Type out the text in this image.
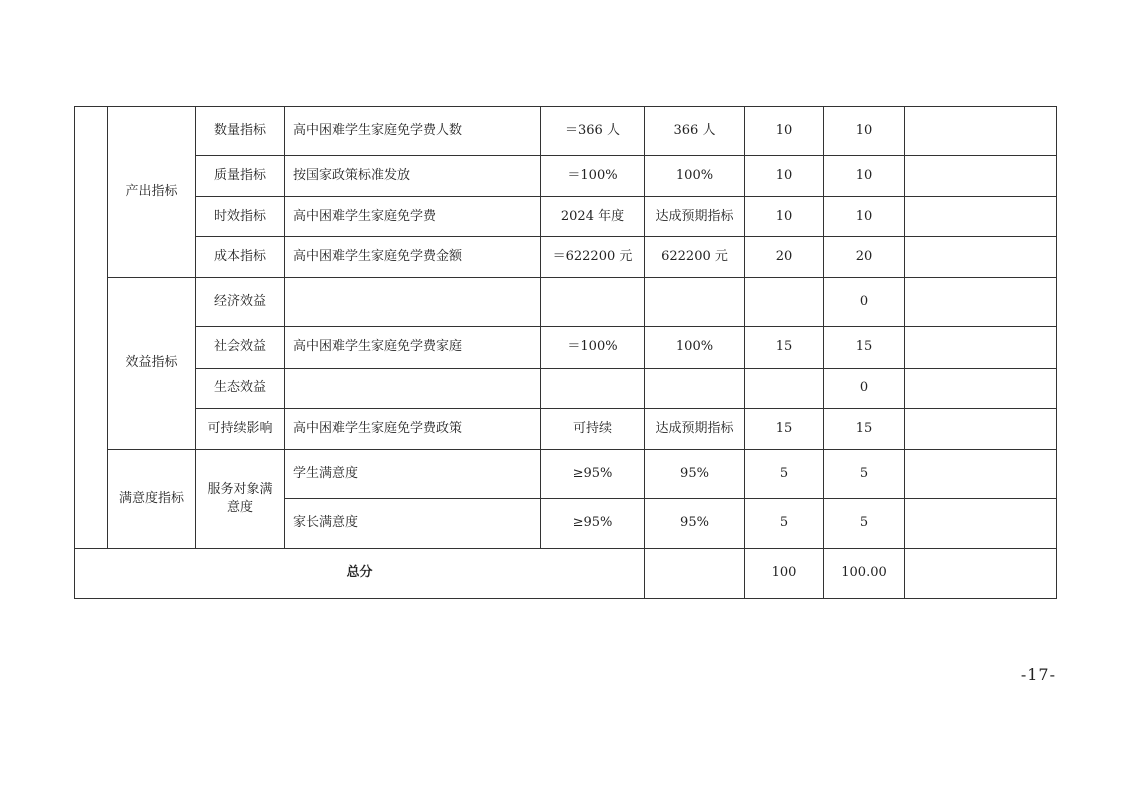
	产出指标	数量指标	高中困难学生家庭免学费人数	＝366 人	366 人	10	10	
		质量指标	按国家政策标准发放	＝100%	100%	10	10	
		时效指标	高中困难学生家庭免学费	2024 年度	达成预期指标	10	10	
		成本指标	高中困难学生家庭免学费金额	＝622200 元	622200 元	20	20	
	效益指标	经济效益					0	
		社会效益	高中困难学生家庭免学费家庭	＝100%	100%	15	15	
		生态效益					0	
		可持续影响	高中困难学生家庭免学费政策	可持续	达成预期指标	15	15	
	满意度指标	服务对象满意度	学生满意度	≥95%	95%	5	5	
			家长满意度	≥95%	95%	5	5	
总分						100	100.00	
-17-
